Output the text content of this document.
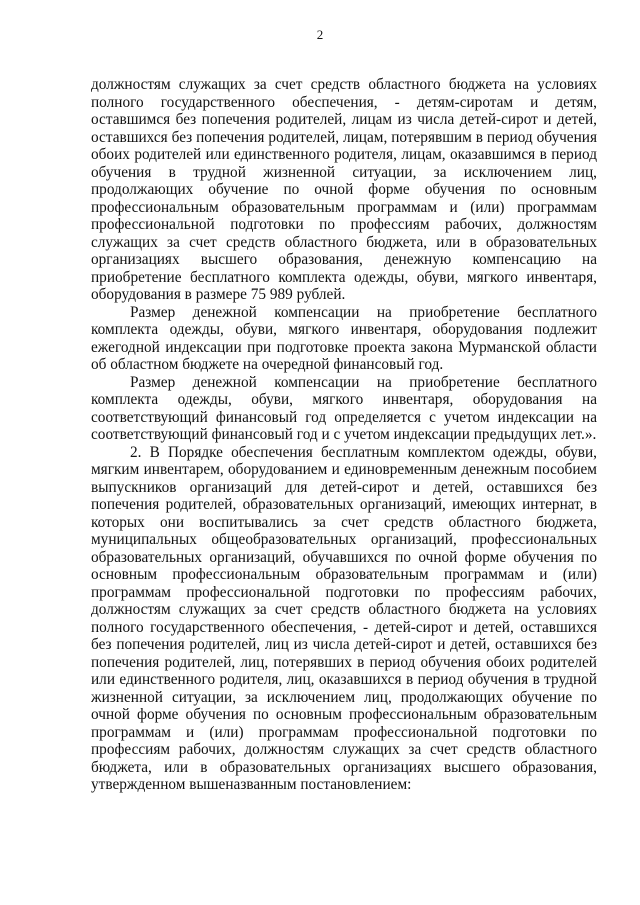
2
должностям служащих за счет средств областного бюджета на условиях
полного государственного обеспечения, - детям-сиротам и детям,
оставшимся без попечения родителей, лицам из числа детей-сирот и детей,
оставшихся без попечения родителей, лицам, потерявшим в период обучения
обоих родителей или единственного родителя, лицам, оказавшимся в период
обучения в трудной жизненной ситуации, за исключением лиц,
продолжающих обучение по очной форме обучения по основным
профессиональным образовательным программам и (или) программам
профессиональной подготовки по профессиям рабочих, должностям
служащих за счет средств областного бюджета, или в образовательных
организациях высшего образования, денежную компенсацию на
приобретение бесплатного комплекта одежды, обуви, мягкого инвентаря,
оборудования в размере 75 989 рублей.
Размер денежной компенсации на приобретение бесплатного
комплекта одежды, обуви, мягкого инвентаря, оборудования подлежит
ежегодной индексации при подготовке проекта закона Мурманской области
об областном бюджете на очередной финансовый год.
Размер денежной компенсации на приобретение бесплатного
комплекта одежды, обуви, мягкого инвентаря, оборудования на
соответствующий финансовый год определяется с учетом индексации на
соответствующий финансовый год и с учетом индексации предыдущих лет.».
2. В Порядке обеспечения бесплатным комплектом одежды, обуви,
мягким инвентарем, оборудованием и единовременным денежным пособием
выпускников организаций для детей-сирот и детей, оставшихся без
попечения родителей, образовательных организаций, имеющих интернат, в
которых они воспитывались за счет средств областного бюджета,
муниципальных общеобразовательных организаций, профессиональных
образовательных организаций, обучавшихся по очной форме обучения по
основным профессиональным образовательным программам и (или)
программам профессиональной подготовки по профессиям рабочих,
должностям служащих за счет средств областного бюджета на условиях
полного государственного обеспечения, - детей-сирот и детей, оставшихся
без попечения родителей, лиц из числа детей-сирот и детей, оставшихся без
попечения родителей, лиц, потерявших в период обучения обоих родителей
или единственного родителя, лиц, оказавшихся в период обучения в трудной
жизненной ситуации, за исключением лиц, продолжающих обучение по
очной форме обучения по основным профессиональным образовательным
программам и (или) программам профессиональной подготовки по
профессиям рабочих, должностям служащих за счет средств областного
бюджета, или в образовательных организациях высшего образования,
утвержденном вышеназванным постановлением:
